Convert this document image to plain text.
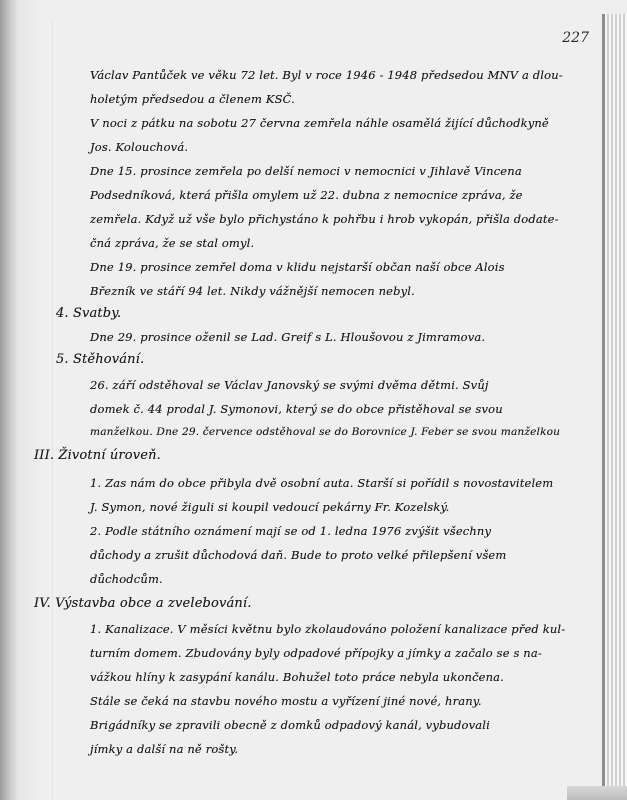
227
Václav Pantůček ve věku 72 let. Byl v roce 1946 - 1948 předsedou MNV a dlou-
holetým předsedou a členem KSČ.
V noci z pátku na sobotu 27 června zemřela náhle osamělá žijící důchodkyně
Jos. Kolouchová.
Dne 15. prosince zemřela po delší nemoci v nemocnici v Jihlavě Vincena
Podsedníková, která přišla omylem už 22. dubna z nemocnice zpráva, že
zemřela. Když už vše bylo přichystáno k pohřbu i hrob vykopán, přišla dodate-
čná zpráva, že se stal omyl.
Dne 19. prosince zemřel doma v klidu nejstarší občan naší obce Alois
Březník ve stáří 94 let. Nikdy vážnější nemocen nebyl.
4. Svatby.
Dne 29. prosince oženil se Lad. Greif s L. Hloušovou z Jimramova.
5. Stěhování.
26. září odstěhoval se Václav Janovský se svými dvěma dětmi. Svůj
domek č. 44 prodal J. Symonovi, který se do obce přistěhoval se svou
manželkou. Dne 29. července odstěhoval se do Borovnice J. Feber se svou manželkou
III. Životní úroveň.
1. Zas nám do obce přibyla dvě osobní auta. Starší si pořídil s novostavitelem
J. Symon, nové žiguli si koupil vedoucí pekárny Fr. Kozelský.
2. Podle státního oznámení mají se od 1. ledna 1976 zvýšit všechny
důchody a zrušit důchodová daň. Bude to proto velké přilepšení všem
důchodcům.
IV. Výstavba obce a zvelebování.
1. Kanalizace. V měsíci květnu bylo zkolaudováno položení kanalizace před kul-
turním domem. Zbudovány byly odpadové přípojky a jímky a začalo se s na-
vážkou hlíny k zasypání kanálu. Bohužel toto práce nebyla ukončena.
Stále se čeká na stavbu nového mostu a vyřízení jiné nové, hrany.
Brigádníky se zpravili obecně z domků odpadový kanál, vybudovali
jímky a další na ně rošty.
